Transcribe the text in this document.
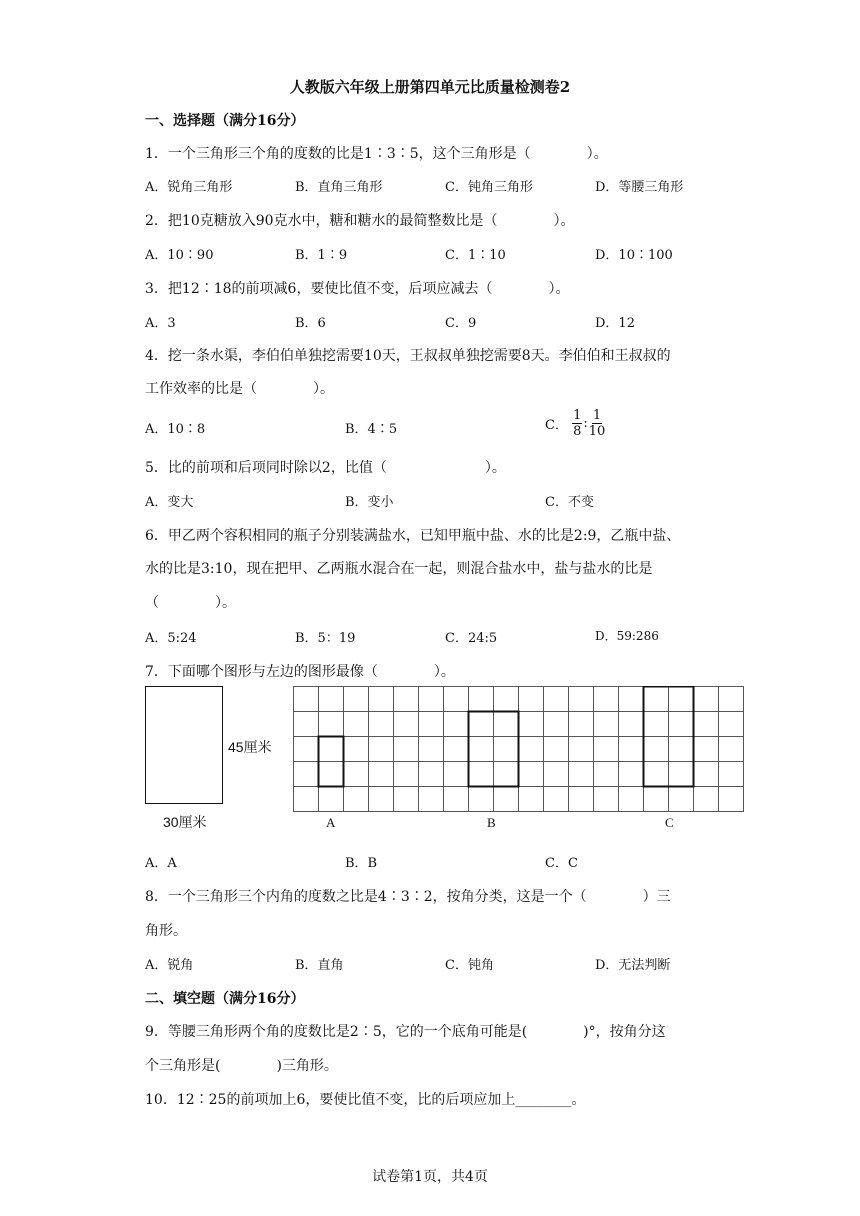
人教版六年级上册第四单元比质量检测卷2
一、选择题（满分16分）
1．一个三角形三个角的度数的比是1∶3∶5，这个三角形是（　　　　）。
A．锐角三角形	B．直角三角形	C．钝角三角形	D．等腰三角形
2．把10克糖放入90克水中，糖和糖水的最简整数比是（　　　　）。
A．10∶90	B．1∶9	C．1∶10	D．10∶100
3．把12∶18的前项减6，要使比值不变，后项应减去（　　　　）。
A．3	B．6	C．9	D．12
4．挖一条水渠，李伯伯单独挖需要10天，王叔叔单独挖需要8天。李伯伯和王叔叔的
工作效率的比是（　　　　）。
A．10∶8	B．4∶5	C． $\frac{1}{8}$ : $\frac{1}{10}$
5．比的前项和后项同时除以2，比值（　　　　　　　）。
A．变大	B．变小	C．不变
6．甲乙两个容积相同的瓶子分别装满盐水，已知甲瓶中盐、水的比是2:9，乙瓶中盐、
水的比是3:10，现在把甲、乙两瓶水混合在一起，则混合盐水中，盐与盐水的比是
（　　　　）。
A．5:24	B．5：19	C．24:5	D．59:286
7．下面哪个图形与左边的图形最像（　　　　）。
45厘米
30厘米	A	B	C
A．A	B．B	C．C
8．一个三角形三个内角的度数之比是4∶3∶2，按角分类，这是一个（　　　　）三
角形。
A．锐角	B．直角	C．钝角	D．无法判断
二、填空题（满分16分）
9．等腰三角形两个角的度数比是2∶5，它的一个底角可能是(　　　　)°，按角分这
个三角形是(　　　　)三角形。
10．12∶25的前项加上6，要使比值不变，比的后项应加上________。
试卷第1页，共4页
